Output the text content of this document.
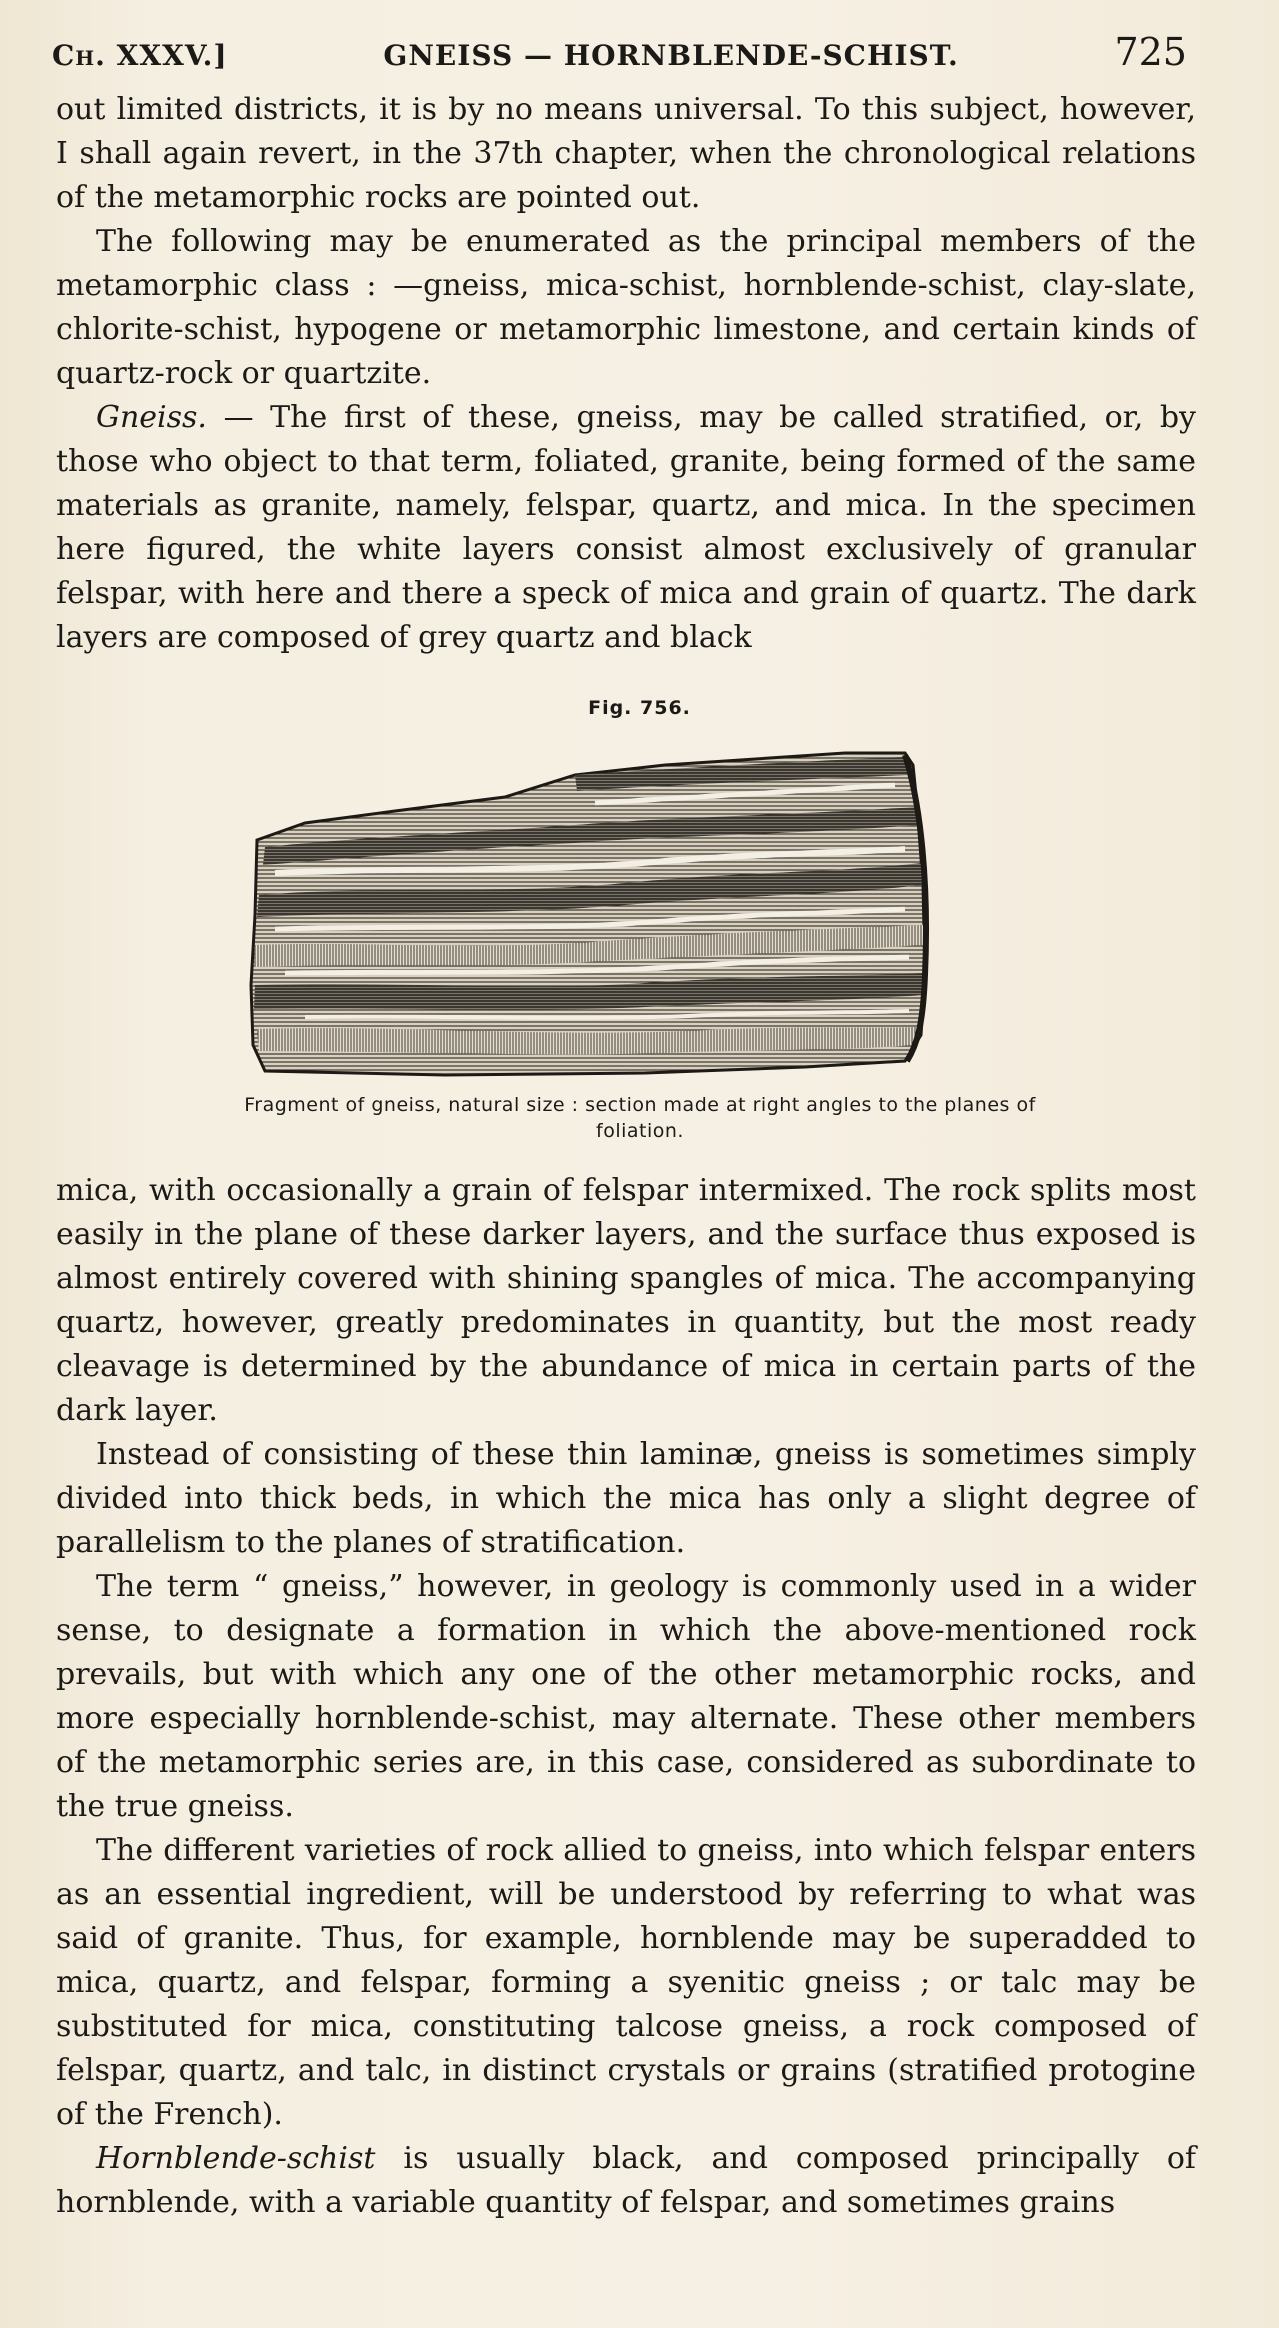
Ch. XXXV.]	GNEISS — HORNBLENDE-SCHIST.	725

out limited districts, it is by no means universal. To this subject, however, I shall again revert, in the 37th chapter, when the chronological relations of the metamorphic rocks are pointed out.

The following may be enumerated as the principal members of the metamorphic class : —gneiss, mica-schist, hornblende-schist, clay-slate, chlorite-schist, hypogene or metamorphic limestone, and certain kinds of quartz-rock or quartzite.

Gneiss. — The first of these, gneiss, may be called stratified, or, by those who object to that term, foliated, granite, being formed of the same materials as granite, namely, felspar, quartz, and mica. In the specimen here figured, the white layers consist almost exclusively of granular felspar, with here and there a speck of mica and grain of quartz. The dark layers are composed of grey quartz and black

Fig. 756.
Fragment of gneiss, natural size : section made at right angles to the planes of foliation.

mica, with occasionally a grain of felspar intermixed. The rock splits most easily in the plane of these darker layers, and the surface thus exposed is almost entirely covered with shining spangles of mica. The accompanying quartz, however, greatly predominates in quantity, but the most ready cleavage is determined by the abundance of mica in certain parts of the dark layer.

Instead of consisting of these thin laminæ, gneiss is sometimes simply divided into thick beds, in which the mica has only a slight degree of parallelism to the planes of stratification.

The term “ gneiss,” however, in geology is commonly used in a wider sense, to designate a formation in which the above-mentioned rock prevails, but with which any one of the other metamorphic rocks, and more especially hornblende-schist, may alternate. These other members of the metamorphic series are, in this case, considered as subordinate to the true gneiss.

The different varieties of rock allied to gneiss, into which felspar enters as an essential ingredient, will be understood by referring to what was said of granite. Thus, for example, hornblende may be superadded to mica, quartz, and felspar, forming a syenitic gneiss ; or talc may be substituted for mica, constituting talcose gneiss, a rock composed of felspar, quartz, and talc, in distinct crystals or grains (stratified protogine of the French).

Hornblende-schist is usually black, and composed principally of hornblende, with a variable quantity of felspar, and sometimes grains
